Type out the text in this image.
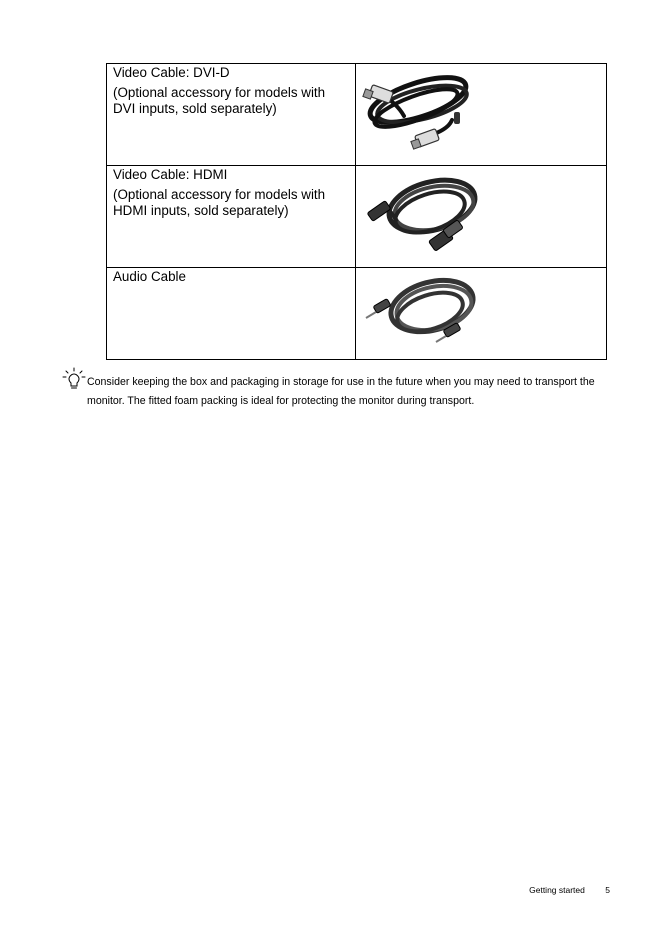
Video Cable: DVI-D
(Optional accessory for models with DVI inputs, sold separately)

Video Cable: HDMI
(Optional accessory for models with HDMI inputs, sold separately)

Audio Cable

Consider keeping the box and packaging in storage for use in the future when you may need to transport the monitor. The fitted foam packing is ideal for protecting the monitor during transport.
Getting started 5
